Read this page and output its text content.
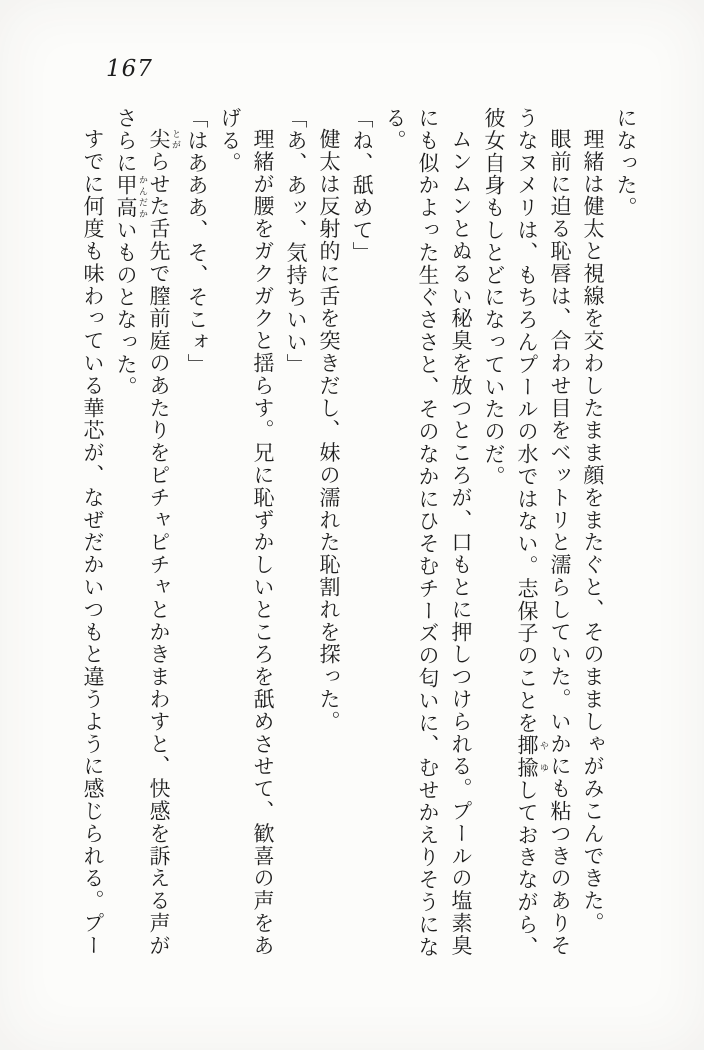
167

になった。

理緒は健太と視線を交わしたまま顔をまたぐと、そのまましゃがみこんできた。

眼前に迫る恥唇は、合わせ目をベットリと濡らしていた。いかにも粘つきのありそうなヌメリは、もちろんプールの水ではない。志保子のことを揶揄 やゆしておきながら、彼女自身もしとどになっていたのだ。

ムンムンとぬるい秘臭を放つところが、口もとに押しつけられる。プールの塩素臭にも似かよった生ぐささと、そのなかにひそむチーズの匂いに、むせかえりそうになる。

「ね、舐めて」

健太は反射的に舌を突きだし、妹の濡れた恥割れを探った。

「あ、あッ、気持ちいい」

理緒が腰をガクガクと揺らす。兄に恥ずかしいところを舐めさせて、歓喜の声をあげる。

「はあああ、そ、そこォ」

尖 とがらせた舌先で膣前庭のあたりをピチャピチャとかきまわすと、快感を訴える声がさらに甲高 かんだかいものとなった。

すでに何度も味わっている華芯が、なぜだかいつもと違うように感じられる。プー
